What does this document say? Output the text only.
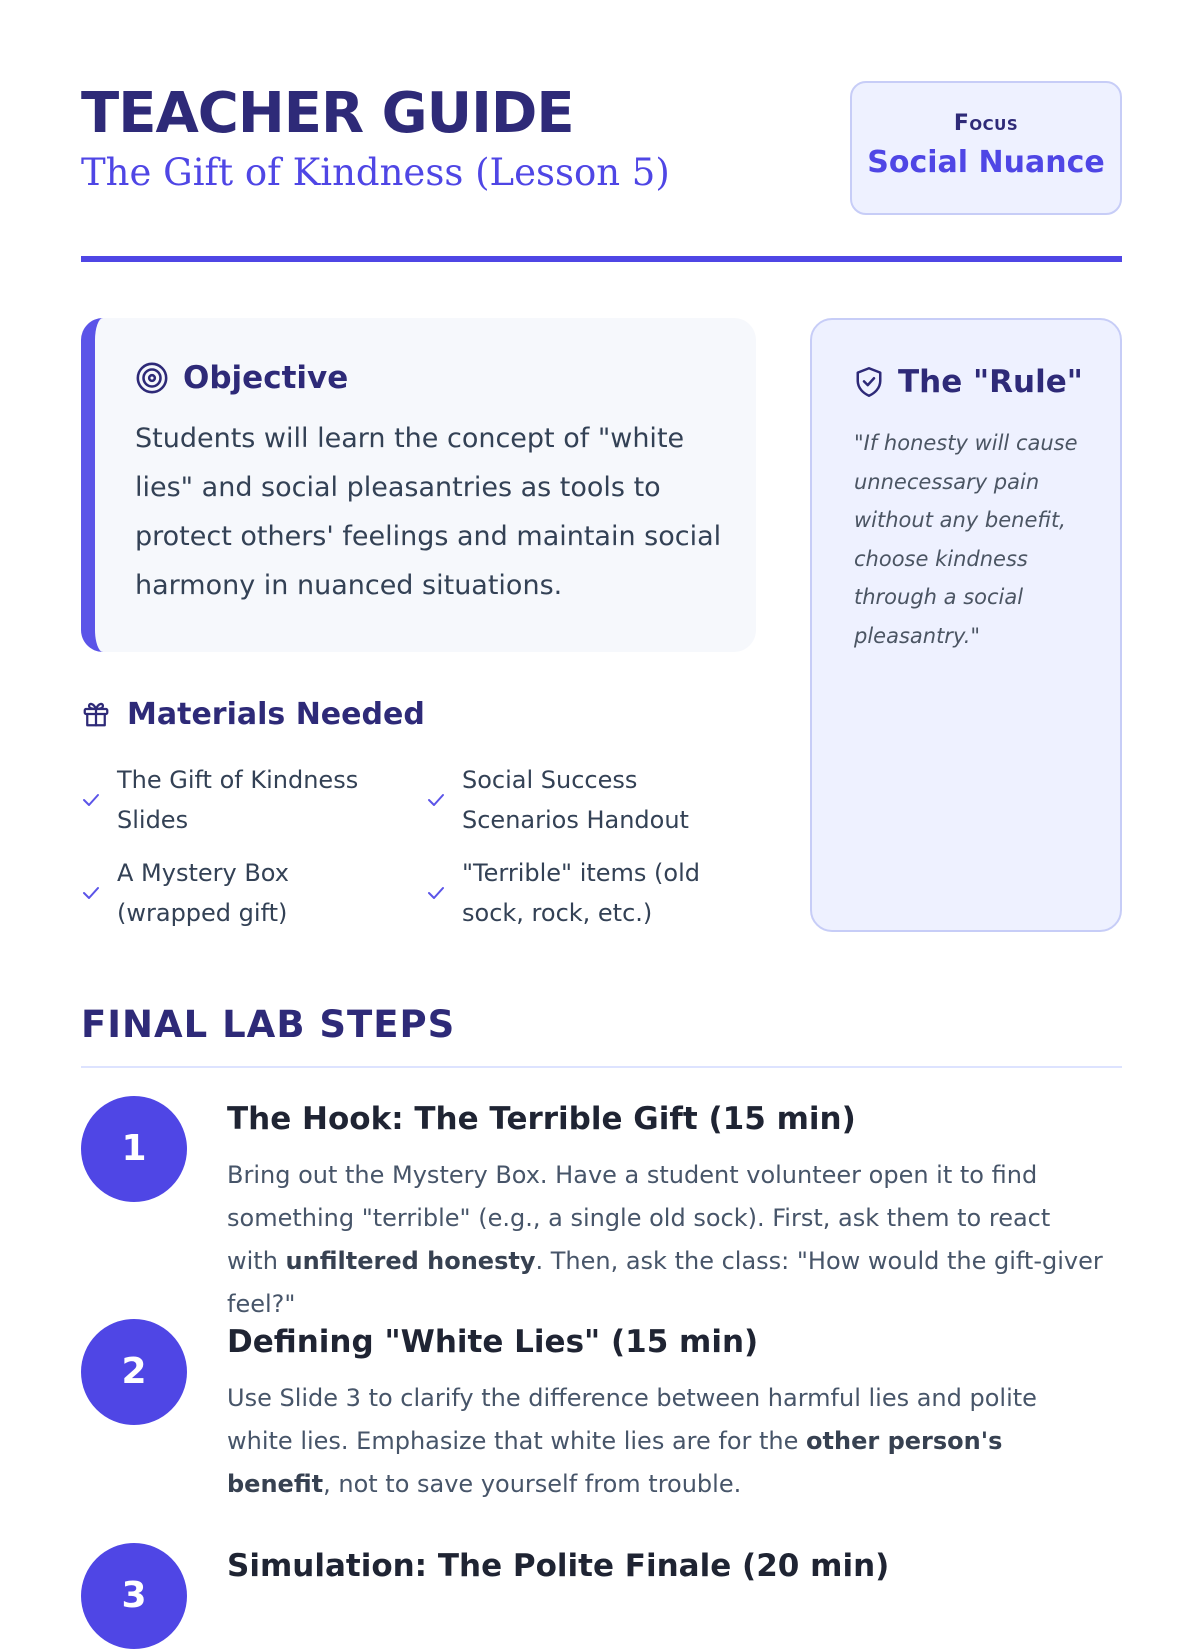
TEACHER GUIDE
The Gift of Kindness (Lesson 5)
Focus
Social Nuance
Objective
Students will learn the concept of "white lies" and social pleasantries as tools to protect others' feelings and maintain social harmony in nuanced situations.
The "Rule"
"If honesty will cause unnecessary pain without any benefit, choose kindness through a social pleasantry."
Materials Needed
The Gift of Kindness Slides
Social Success Scenarios Handout
A Mystery Box (wrapped gift)
"Terrible" items (old sock, rock, etc.)
FINAL LAB STEPS
1
The Hook: The Terrible Gift (15 min)
Bring out the Mystery Box. Have a student volunteer open it to find something "terrible" (e.g., a single old sock). First, ask them to react with unfiltered honesty. Then, ask the class: "How would the gift-giver feel?"
2
Defining "White Lies" (15 min)
Use Slide 3 to clarify the difference between harmful lies and polite white lies. Emphasize that white lies are for the other person's benefit, not to save yourself from trouble.
3
Simulation: The Polite Finale (20 min)
